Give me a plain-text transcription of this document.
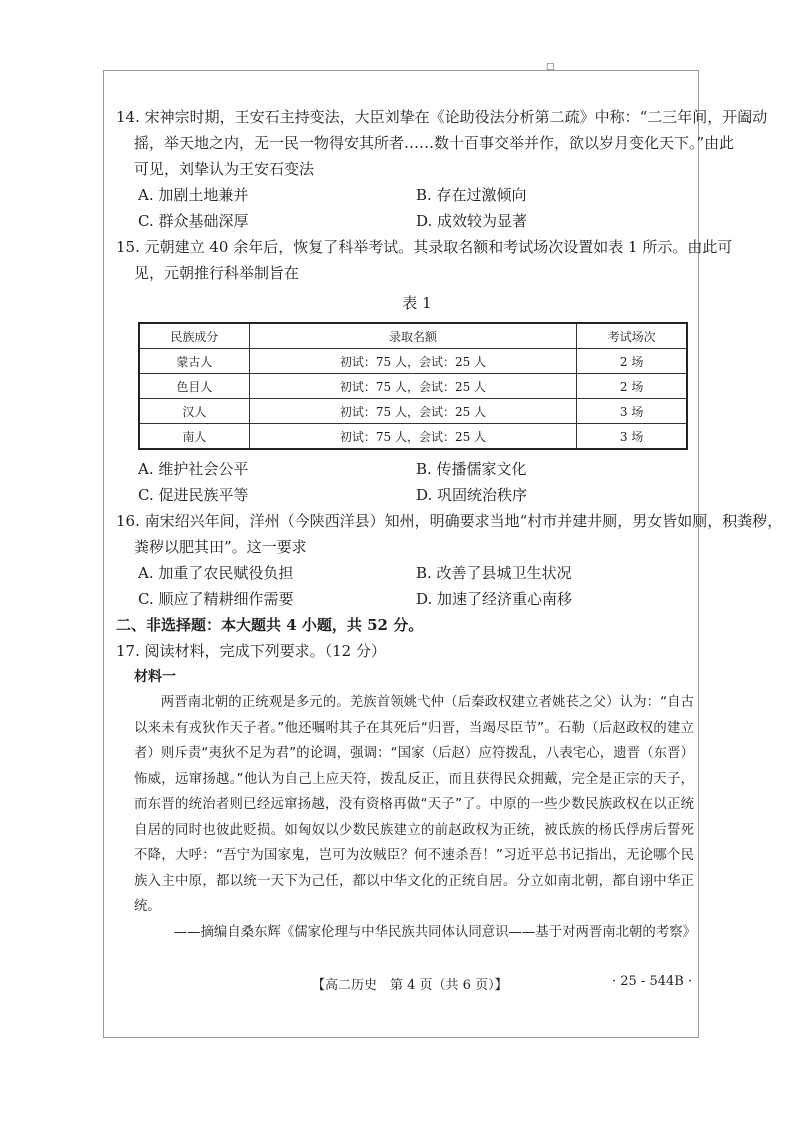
□
14. 宋神宗时期，王安石主持变法，大臣刘挚在《论助役法分析第二疏》中称：“二三年间，开阖动
摇，举天地之内，无一民一物得安其所者……数十百事交举并作，欲以岁月变化天下。”由此
可见，刘挚认为王安石变法
A. 加剧土地兼并	B. 存在过激倾向
C. 群众基础深厚	D. 成效较为显著
15. 元朝建立 40 余年后，恢复了科举考试。其录取名额和考试场次设置如表 1 所示。由此可
见，元朝推行科举制旨在
表 1
民族成分	录取名额	考试场次
蒙古人	初试：75 人，会试：25 人	2 场
色目人	初试：75 人，会试：25 人	2 场
汉人	初试：75 人，会试：25 人	3 场
南人	初试：75 人，会试：25 人	3 场
A. 维护社会公平	B. 传播儒家文化
C. 促进民族平等	D. 巩固统治秩序
16. 南宋绍兴年间，洋州（今陕西洋县）知州，明确要求当地“村市并建井厕，男女皆如厕，积粪秽，
粪秽以肥其田”。这一要求
A. 加重了农民赋役负担	B. 改善了县城卫生状况
C. 顺应了精耕细作需要	D. 加速了经济重心南移
二、非选择题：本大题共 4 小题，共 52 分。
17. 阅读材料，完成下列要求。（12 分）
材料一

两晋南北朝的正统观是多元的。羌族首领姚弋仲（后秦政权建立者姚苌之父）认为：“自古以来未有戎狄作天子者。”他还嘱咐其子在其死后“归晋，当竭尽臣节”。石勒（后赵政权的建立者）则斥责“夷狄不足为君”的论调，强调：“国家（后赵）应符拨乱，八表宅心，遗晋（东晋）怖威，远窜扬越。”他认为自己上应天符，拨乱反正，而且获得民众拥戴，完全是正宗的天子，而东晋的统治者则已经远窜扬越，没有资格再做“天子”了。中原的一些少数民族政权在以正统自居的同时也彼此贬损。如匈奴以少数民族建立的前赵政权为正统，被氐族的杨氏俘虏后誓死不降，大呼：“吾宁为国家鬼，岂可为汝贼臣？何不速杀吾！”习近平总书记指出，无论哪个民族入主中原，都以统一天下为己任，都以中华文化的正统自居。分立如南北朝，都自诩中华正统。

——摘编自桑东辉《儒家伦理与中华民族共同体认同意识——基于对两晋南北朝的考察》
【高二历史　第 4 页（共 6 页）】	· 25 - 544B ·
